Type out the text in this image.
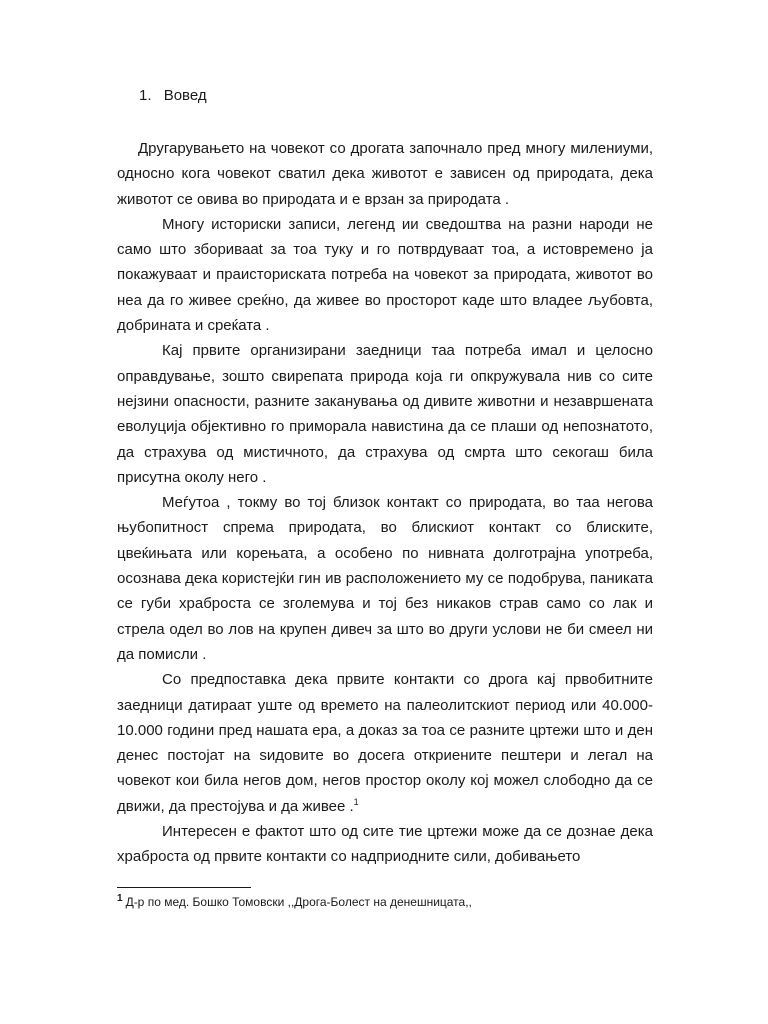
1. Вовед

Другарувањето на човекот со дрогата започнало пред многу милениуми, односно кога човекот сватил дека животот е зависен од природата, дека животот се овива во природата и е врзан за природата .

Многу историски записи, легенд ии сведоштва на разни народи не само што зборивааt за тоа туку и го потврдуваат тоа, а истовремено ја покажуваат и праисториската потреба на човекот за природата, животот во неа да го живее среќно, да живее во просторот каде што владее љубовта, добрината и среќата .

Кај првите организирани заедници таа потреба имал и целосно оправдување, зошто свирепата природа која ги опкружувала нив со сите нејзини опасности, разните заканувања од дивите животни и незавршената еволуција објективно го приморала навистина да се плаши од непознатото, да страхува од мистичното, да страхува од смрта што секогаш била присутна околу него .

Меѓутоа , токму во тој близок контакт со природата, во таа негова њубопитност спрема природата, во блискиот контакт со блиските, цвеќињата или корењата, а особено по нивната долготрајна употреба, осознава дека користејќи гин ив расположението му се подобрува, паниката се губи храброста се зголемува и тој без никаков страв само со лак и стрела одел во лов на крупен дивеч за што во други услови не би смеел ни да помисли .

Со предпоставка дека првите контакти со дрога кај првобитните заедници датираат уште од времето на палеолитскиот период или 40.000-10.000 години пред нашата ера, а доказ за тоа се разните цртежи што и ден денес постојат на ѕидовите во досега откриените пештери и легал на човекот кои била негов дом, негов простор околу кој можел слободно да се движи, да престојува и да живее .$^1$

Интересен е фактот што од сите тие цртежи може да се дознае дека храброста од првите контакти со надприодните сили, добивањето

$^1$ Д-р по мед. Бошко Томовски ,,Дрога-Болест на денешницата,,
